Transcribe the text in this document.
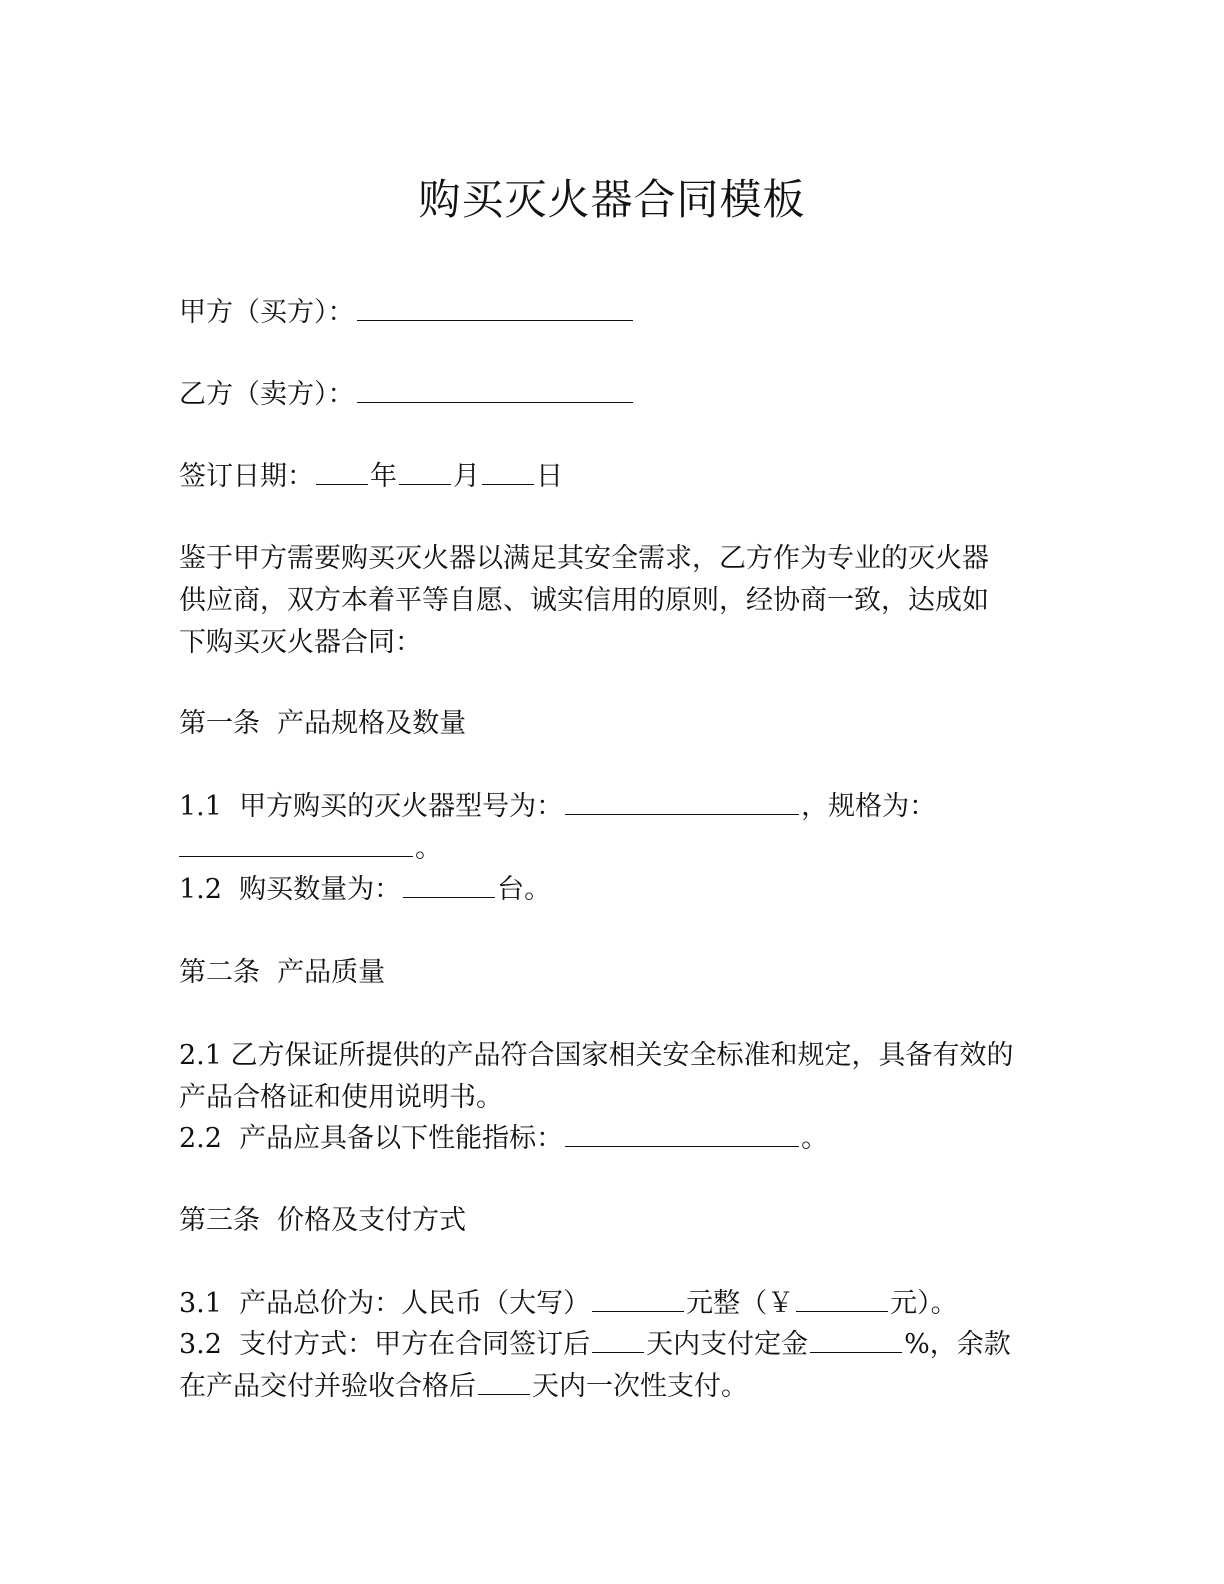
购买灭火器合同模板
甲方（买方）：
乙方（卖方）：
签订日期： 年 月 日
鉴于甲方需要购买灭火器以满足其安全需求，乙方作为专业的灭火器供应商，双方本着平等自愿、诚实信用的原则，经协商一致，达成如下购买灭火器合同：
第一条  产品规格及数量
1.1  甲方购买的灭火器型号为：	，规格为：
。
1.2  购买数量为：	台。
第二条  产品质量
2.1 乙方保证所提供的产品符合国家相关安全标准和规定，具备有效的产品合格证和使用说明书。
2.2  产品应具备以下性能指标：	。
第三条  价格及支付方式
3.1  产品总价为：人民币（大写）	元整（￥	元）。
3.2  支付方式：甲方在合同签订后 天内支付定金	%，余款
在产品交付并验收合格后 天内一次性支付。
